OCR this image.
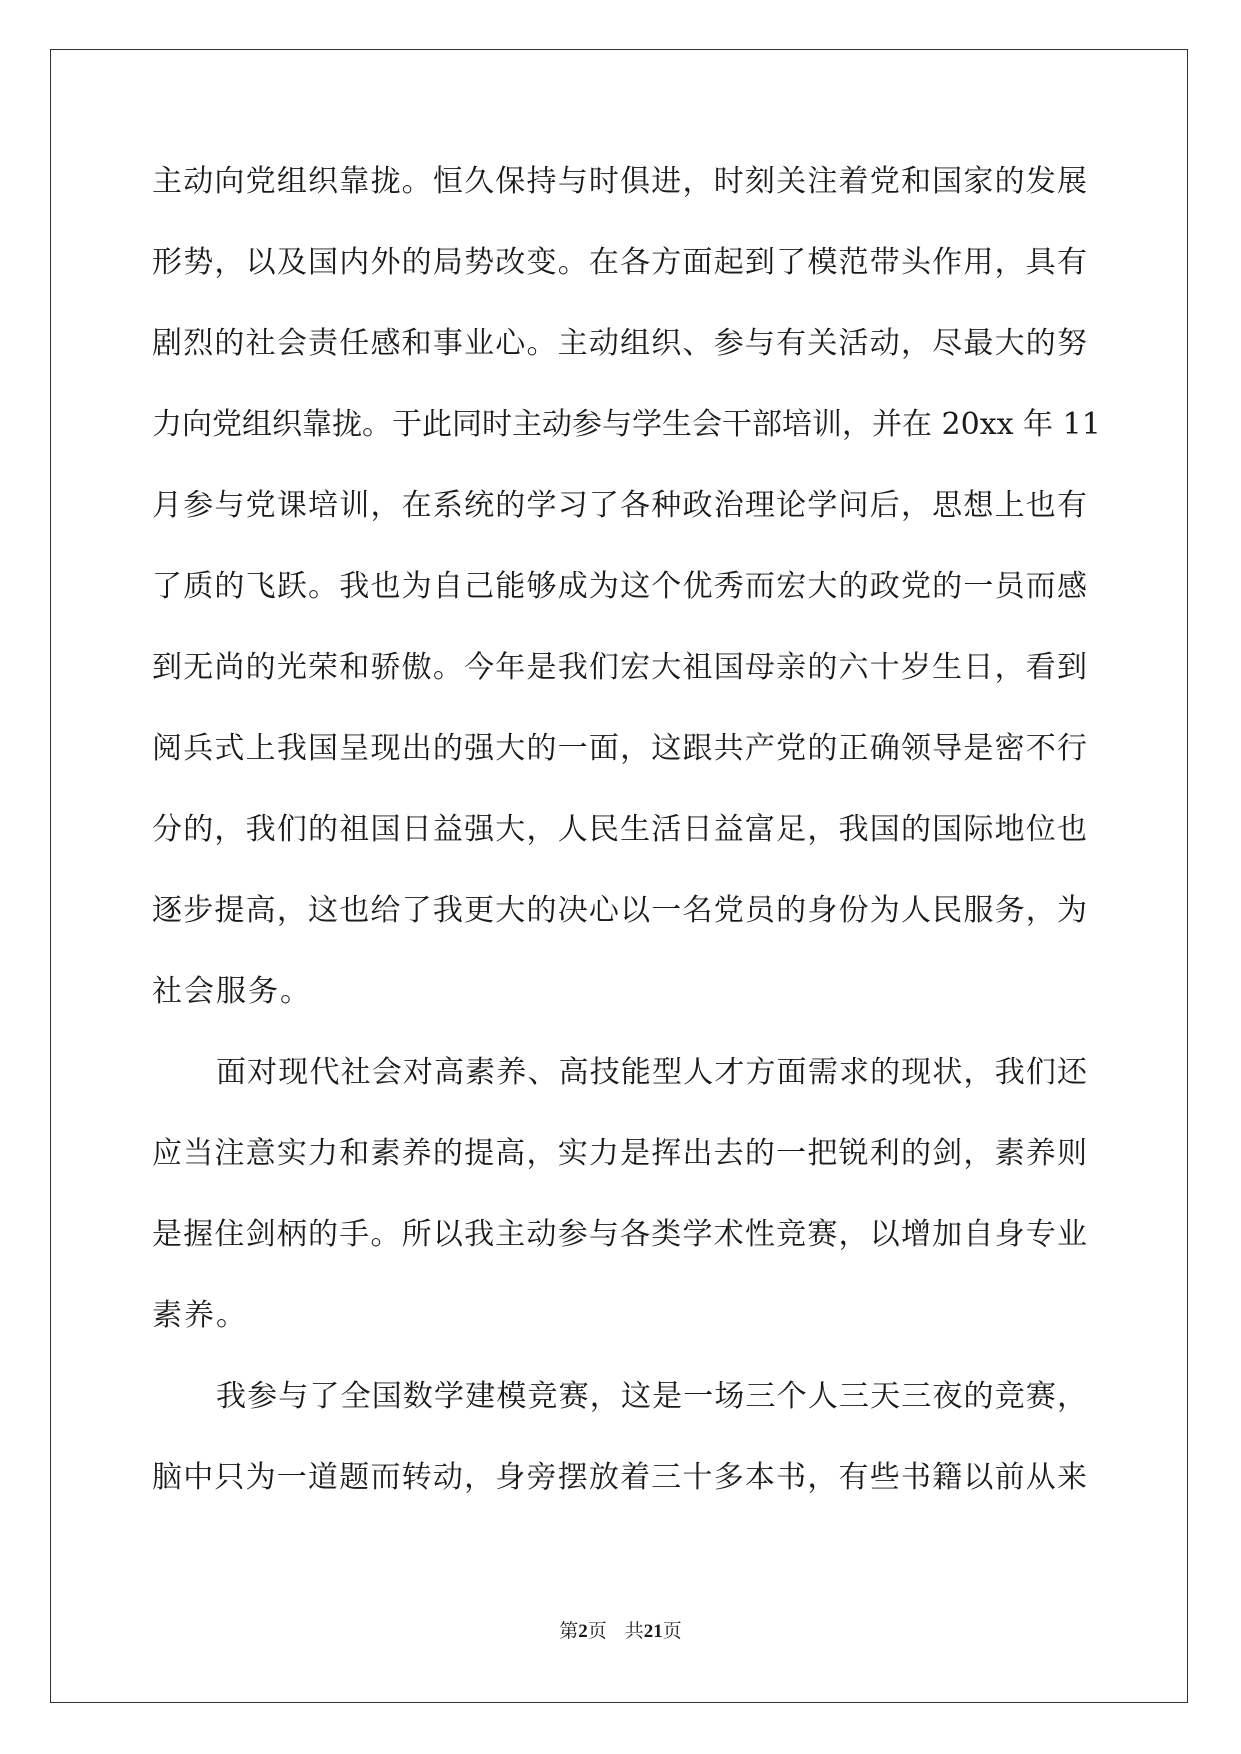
主动向党组织靠拢。恒久保持与时俱进，时刻关注着党和国家的发展
形势，以及国内外的局势改变。在各方面起到了模范带头作用，具有
剧烈的社会责任感和事业心。主动组织、参与有关活动，尽最大的努
力向党组织靠拢。于此同时主动参与学生会干部培训，并在 20xx 年 11
月参与党课培训，在系统的学习了各种政治理论学问后，思想上也有
了质的飞跃。我也为自己能够成为这个优秀而宏大的政党的一员而感
到无尚的光荣和骄傲。今年是我们宏大祖国母亲的六十岁生日，看到
阅兵式上我国呈现出的强大的一面，这跟共产党的正确领导是密不行
分的，我们的祖国日益强大，人民生活日益富足，我国的国际地位也
逐步提高，这也给了我更大的决心以一名党员的身份为人民服务，为
社会服务。
面对现代社会对高素养、高技能型人才方面需求的现状，我们还
应当注意实力和素养的提高，实力是挥出去的一把锐利的剑，素养则
是握住剑柄的手。所以我主动参与各类学术性竞赛，以增加自身专业
素养。
我参与了全国数学建模竞赛，这是一场三个人三天三夜的竞赛，
脑中只为一道题而转动，身旁摆放着三十多本书，有些书籍以前从来
第2页 共21页
